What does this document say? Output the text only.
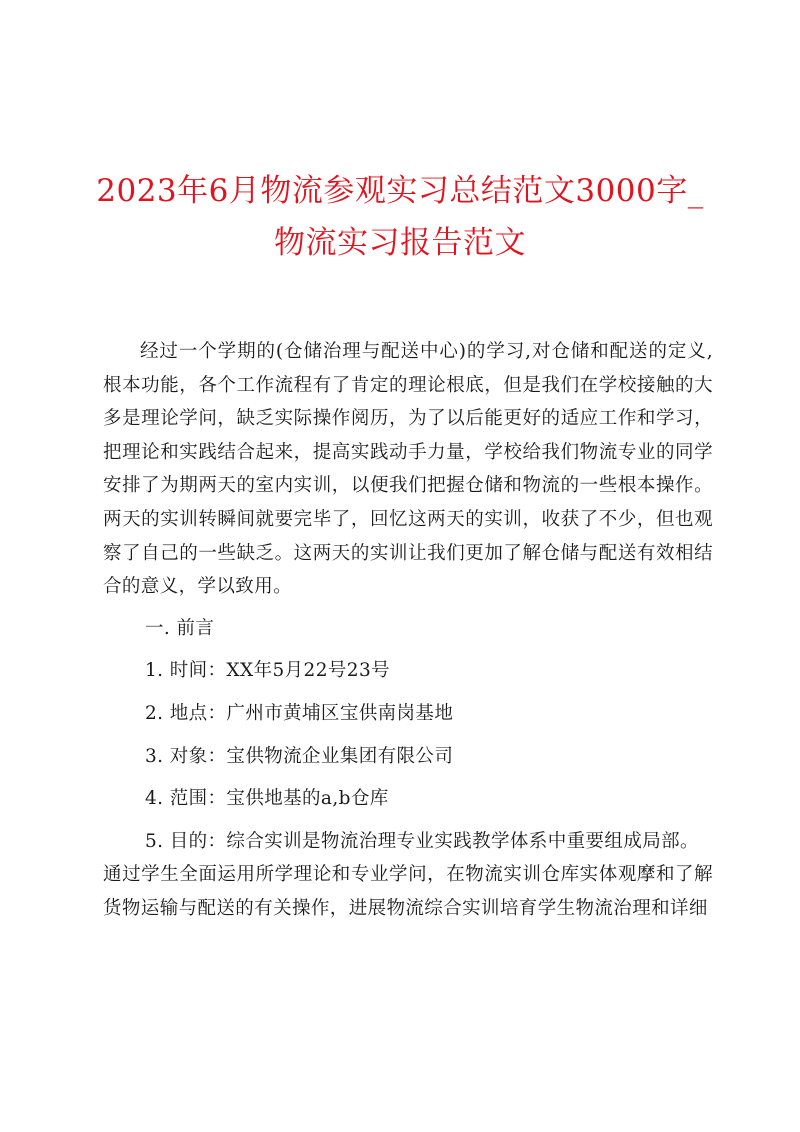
2023年6月物流参观实习总结范文3000字_物流实习报告范文

经过一个学期的(仓储治理与配送中心)的学习,对仓储和配送的定义,根本功能，各个工作流程有了肯定的理论根底，但是我们在学校接触的大多是理论学问，缺乏实际操作阅历，为了以后能更好的适应工作和学习，把理论和实践结合起来，提高实践动手力量，学校给我们物流专业的同学安排了为期两天的室内实训，以便我们把握仓储和物流的一些根本操作。两天的实训转瞬间就要完毕了，回忆这两天的实训，收获了不少，但也观察了自己的一些缺乏。这两天的实训让我们更加了解仓储与配送有效相结合的意义，学以致用。

一. 前言

1. 时间：XX年5月22号23号

2. 地点：广州市黄埔区宝供南岗基地

3. 对象：宝供物流企业集团有限公司

4. 范围：宝供地基的a,b仓库

5. 目的：综合实训是物流治理专业实践教学体系中重要组成局部。

通过学生全面运用所学理论和专业学问，在物流实训仓库实体观摩和了解货物运输与配送的有关操作，进展物流综合实训培育学生物流治理和详细
